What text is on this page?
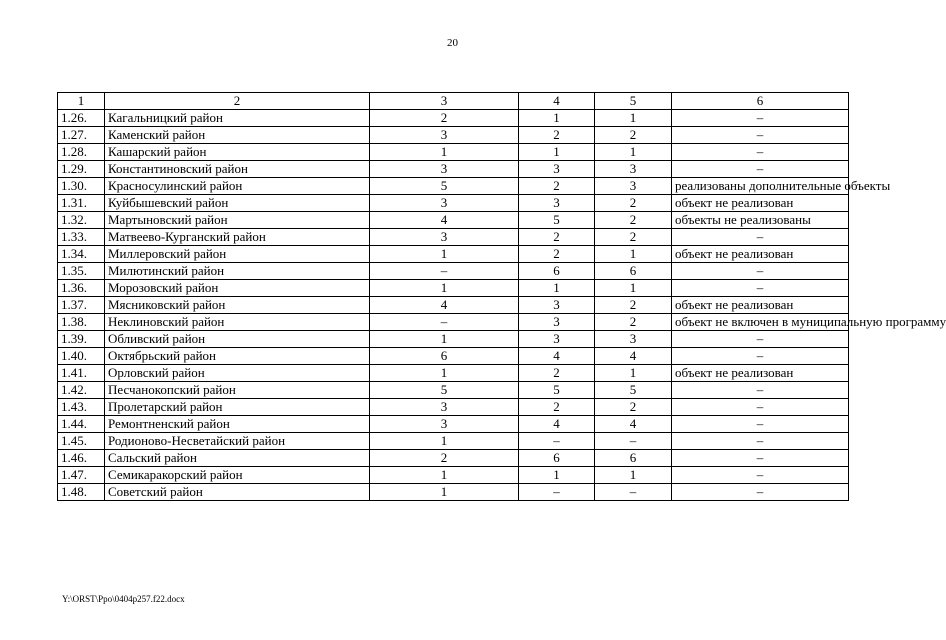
20
1	2	3	4	5	6
1.26.	Кагальницкий район	2	1	1	–
1.27.	Каменский район	3	2	2	–
1.28.	Кашарский район	1	1	1	–
1.29.	Константиновский район	3	3	3	–
1.30.	Красносулинский район	5	2	3	реализованы дополнительные объекты
1.31.	Куйбышевский район	3	3	2	объект не реализован
1.32.	Мартыновский район	4	5	2	объекты не реализованы
1.33.	Матвеево-Курганский район	3	2	2	–
1.34.	Миллеровский район	1	2	1	объект не реализован
1.35.	Милютинский район	–	6	6	–
1.36.	Морозовский район	1	1	1	–
1.37.	Мясниковский район	4	3	2	объект не реализован
1.38.	Неклиновский район	–	3	2	объект не включен в муниципальную программу
1.39.	Обливский район	1	3	3	–
1.40.	Октябрьский район	6	4	4	–
1.41.	Орловский район	1	2	1	объект не реализован
1.42.	Песчанокопский район	5	5	5	–
1.43.	Пролетарский район	3	2	2	–
1.44.	Ремонтненский район	3	4	4	–
1.45.	Родионово-Несветайский район	1	–	–	–
1.46.	Сальский район	2	6	6	–
1.47.	Семикаракорский район	1	1	1	–
1.48.	Советский район	1	–	–	–
Y:\ORST\Ppo\0404p257.f22.docx
